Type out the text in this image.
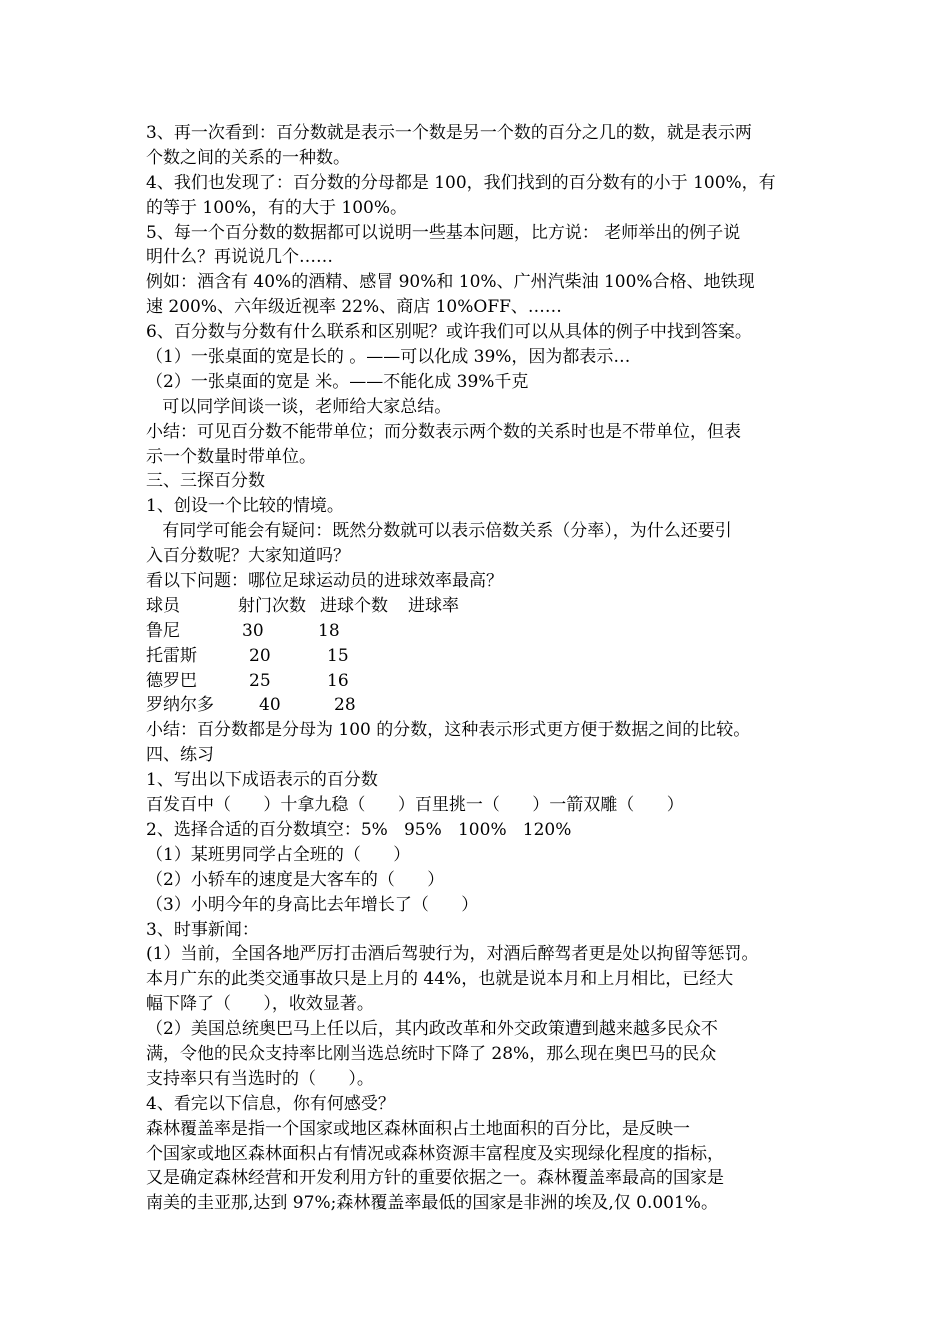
3、再一次看到：百分数就是表示一个数是另一个数的百分之几的数，就是表示两
个数之间的关系的一种数。
4、我们也发现了：百分数的分母都是 100，我们找到的百分数有的小于 100%，有
的等于 100%，有的大于 100%。
5、每一个百分数的数据都可以说明一些基本问题，比方说： 老师举出的例子说
明什么？再说说几个……
例如：酒含有 40%的酒精、感冒 90%和 10%、广州汽柴油 100%合格、地铁现
速 200%、六年级近视率 22%、商店 10%OFF、……
6、百分数与分数有什么联系和区别呢？或许我们可以从具体的例子中找到答案。
（1）一张桌面的宽是长的 。——可以化成 39%，因为都表示…
（2）一张桌面的宽是 米。——不能化成 39%千克
可以同学间谈一谈，老师给大家总结。
小结：可见百分数不能带单位；而分数表示两个数的关系时也是不带单位，但表
示一个数量时带单位。
三、三探百分数
1、创设一个比较的情境。
有同学可能会有疑问：既然分数就可以表示倍数关系（分率），为什么还要引
入百分数呢？大家知道吗？
看以下问题：哪位足球运动员的进球效率最高？
球员	射门次数 进球个数	进球率
鲁尼	30	18
托雷斯	20	15
德罗巴	25	16
罗纳尔多	40	28
小结：百分数都是分母为 100 的分数，这种表示形式更方便于数据之间的比较。
四、练习
1、写出以下成语表示的百分数
百发百中（      ）十拿九稳（      ）百里挑一（      ）一箭双雕（      ）
2、选择合适的百分数填空：5%   95%   100%   120%
（1）某班男同学占全班的（      ）
（2）小轿车的速度是大客车的（      ）
（3）小明今年的身高比去年增长了（      ）
3、时事新闻：
(1）当前，全国各地严厉打击酒后驾驶行为，对酒后醉驾者更是处以拘留等惩罚。
本月广东的此类交通事故只是上月的 44%，也就是说本月和上月相比，已经大
幅下降了（      ），收效显著。
（2）美国总统奥巴马上任以后，其内政改革和外交政策遭到越来越多民众不
满，令他的民众支持率比刚当选总统时下降了 28%，那么现在奥巴马的民众
支持率只有当选时的（      ）。
4、看完以下信息，你有何感受？
森林覆盖率是指一个国家或地区森林面积占土地面积的百分比，是反映一
个国家或地区森林面积占有情况或森林资源丰富程度及实现绿化程度的指标，
又是确定森林经营和开发利用方针的重要依据之一。森林覆盖率最高的国家是
南美的圭亚那,达到 97%;森林覆盖率最低的国家是非洲的埃及,仅 0.001%。
